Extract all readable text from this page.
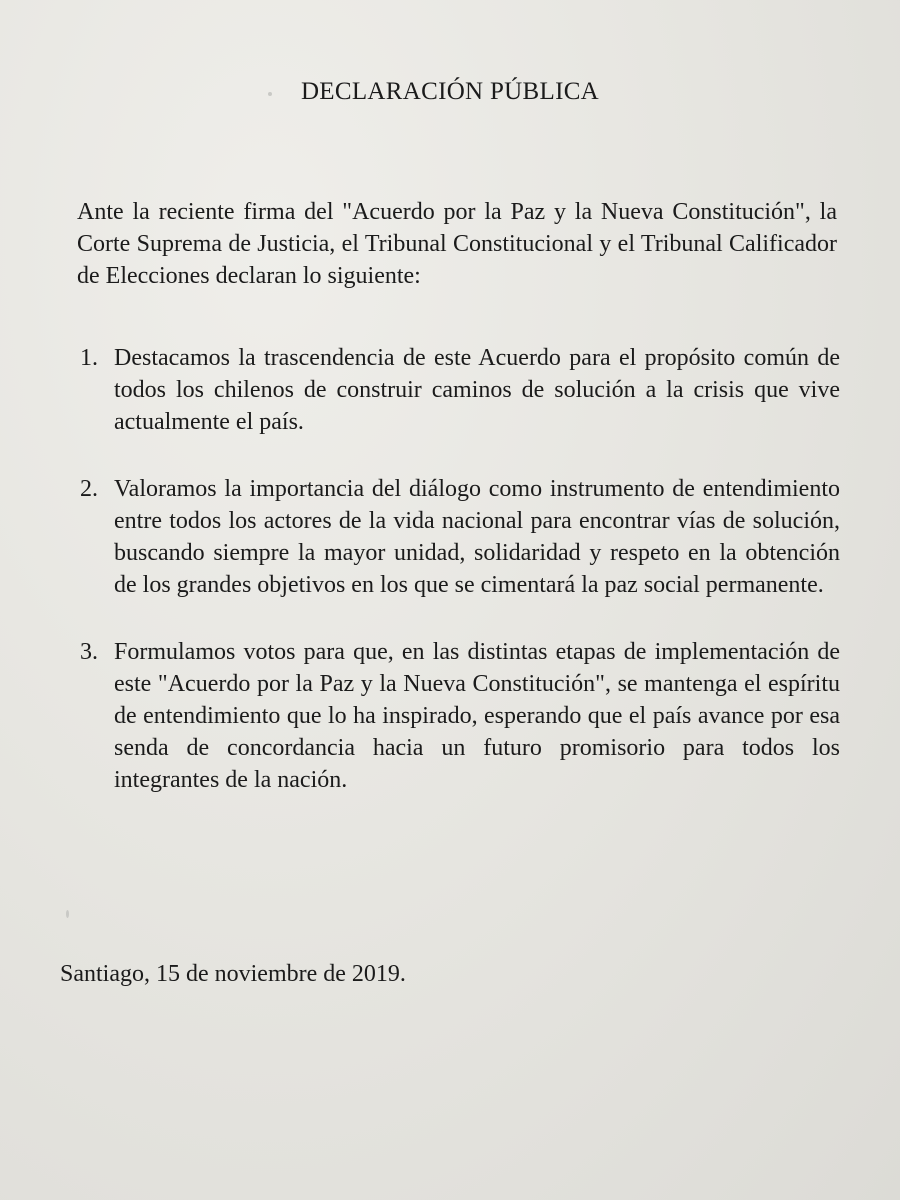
DECLARACIÓN PÚBLICA

Ante la reciente firma del "Acuerdo por la Paz y la Nueva Constitución", la Corte Suprema de Justicia, el Tribunal Constitucional y el Tribunal Calificador de Elecciones declaran lo siguiente:

1. Destacamos la trascendencia de este Acuerdo para el propósito común de todos los chilenos de construir caminos de solución a la crisis que vive actualmente el país.

2. Valoramos la importancia del diálogo como instrumento de entendimiento entre todos los actores de la vida nacional para encontrar vías de solución, buscando siempre la mayor unidad, solidaridad y respeto en la obtención de los grandes objetivos en los que se cimentará la paz social permanente.

3. Formulamos votos para que, en las distintas etapas de implementación de este "Acuerdo por la Paz y la Nueva Constitución", se mantenga el espíritu de entendimiento que lo ha inspirado, esperando que el país avance por esa senda de concordancia hacia un futuro promisorio para todos los integrantes de la nación.

Santiago, 15 de noviembre de 2019.
